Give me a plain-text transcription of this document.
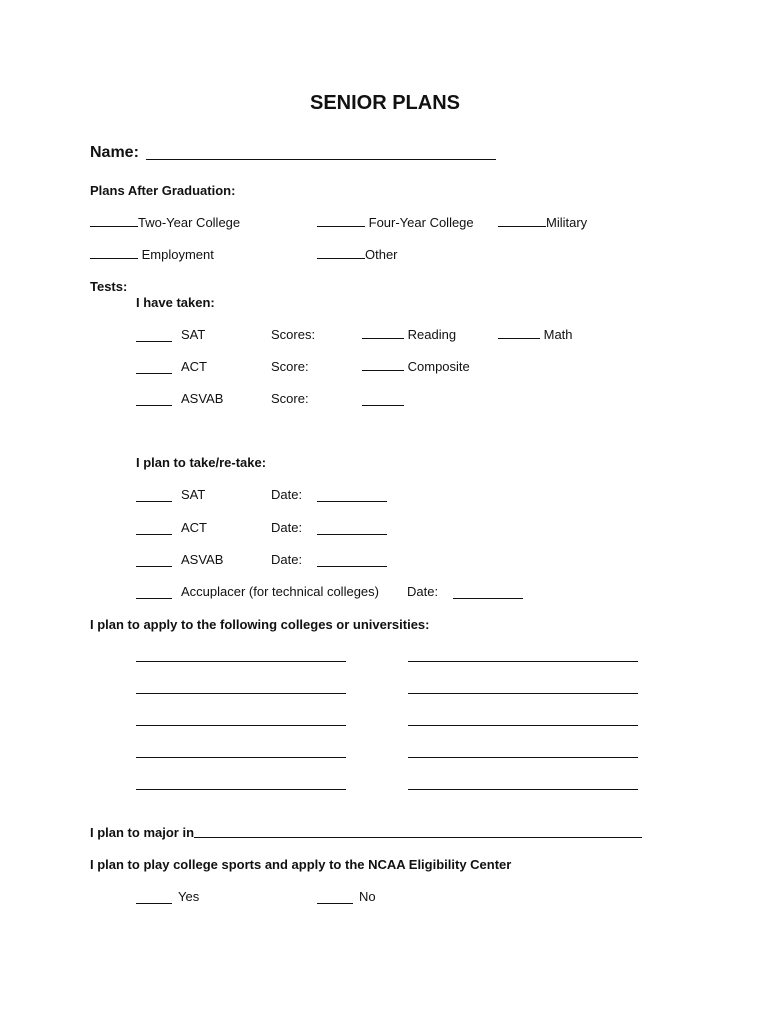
SENIOR PLANS
Name:
Plans After Graduation:
Two-Year College	Four-Year College	Military
Employment	Other
Tests:
I have taken:
SAT	Scores:	Reading	Math
ACT	Score:	Composite
ASVAB	Score:
I plan to take/re-take:
SAT	Date:
ACT	Date:
ASVAB	Date:
Accuplacer (for technical colleges) Date:
I plan to apply to the following colleges or universities:
I plan to major in
I plan to play college sports and apply to the NCAA Eligibility Center
Yes	No
